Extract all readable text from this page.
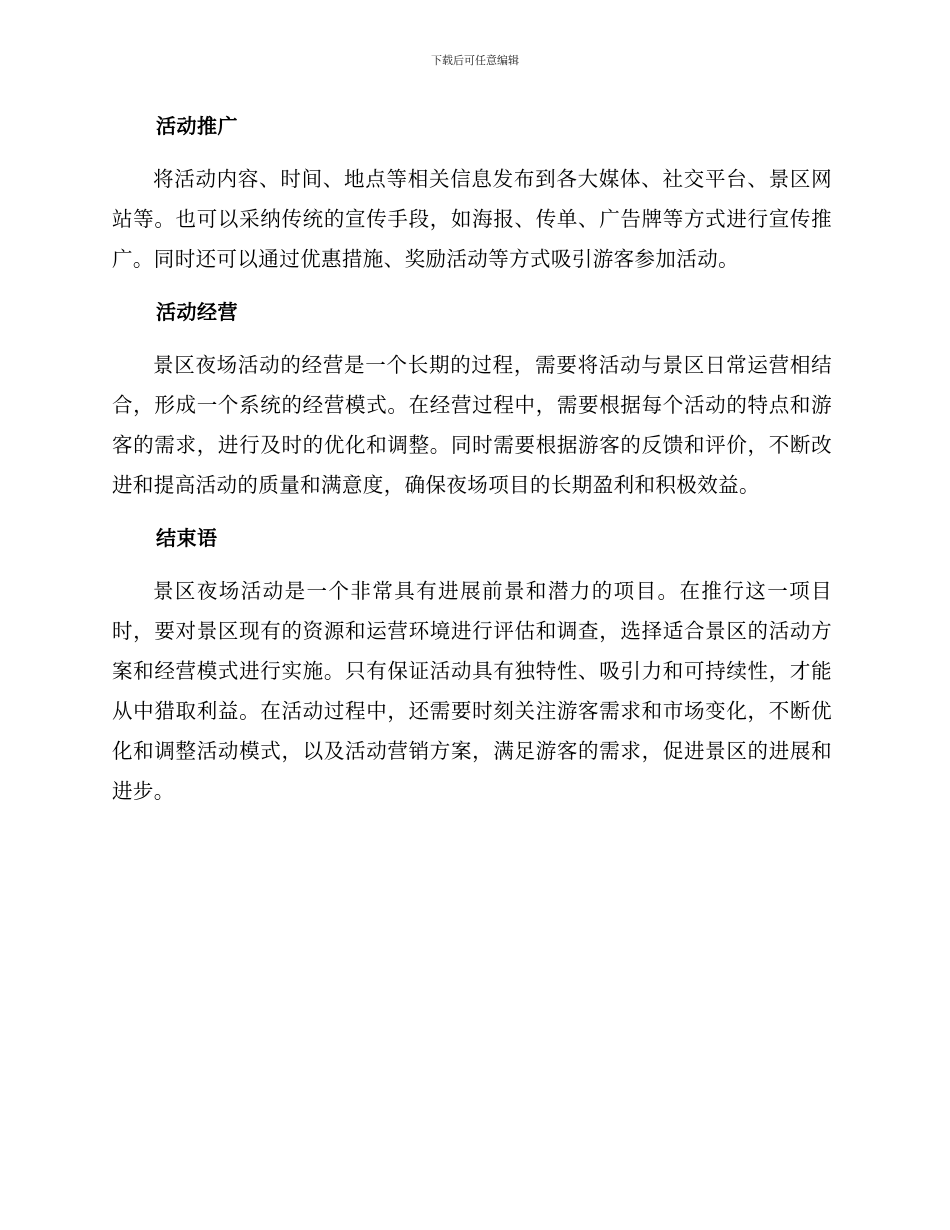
下载后可任意编辑
活动推广

将活动内容、时间、地点等相关信息发布到各大媒体、社交平台、景区网站等。也可以采纳传统的宣传手段，如海报、传单、广告牌等方式进行宣传推广。同时还可以通过优惠措施、奖励活动等方式吸引游客参加活动。

活动经营

景区夜场活动的经营是一个长期的过程，需要将活动与景区日常运营相结合，形成一个系统的经营模式。在经营过程中，需要根据每个活动的特点和游客的需求，进行及时的优化和调整。同时需要根据游客的反馈和评价，不断改进和提高活动的质量和满意度，确保夜场项目的长期盈利和积极效益。

结束语

景区夜场活动是一个非常具有进展前景和潜力的项目。在推行这一项目时，要对景区现有的资源和运营环境进行评估和调查，选择适合景区的活动方案和经营模式进行实施。只有保证活动具有独特性、吸引力和可持续性，才能从中猎取利益。在活动过程中，还需要时刻关注游客需求和市场变化，不断优化和调整活动模式，以及活动营销方案，满足游客的需求，促进景区的进展和进步。
